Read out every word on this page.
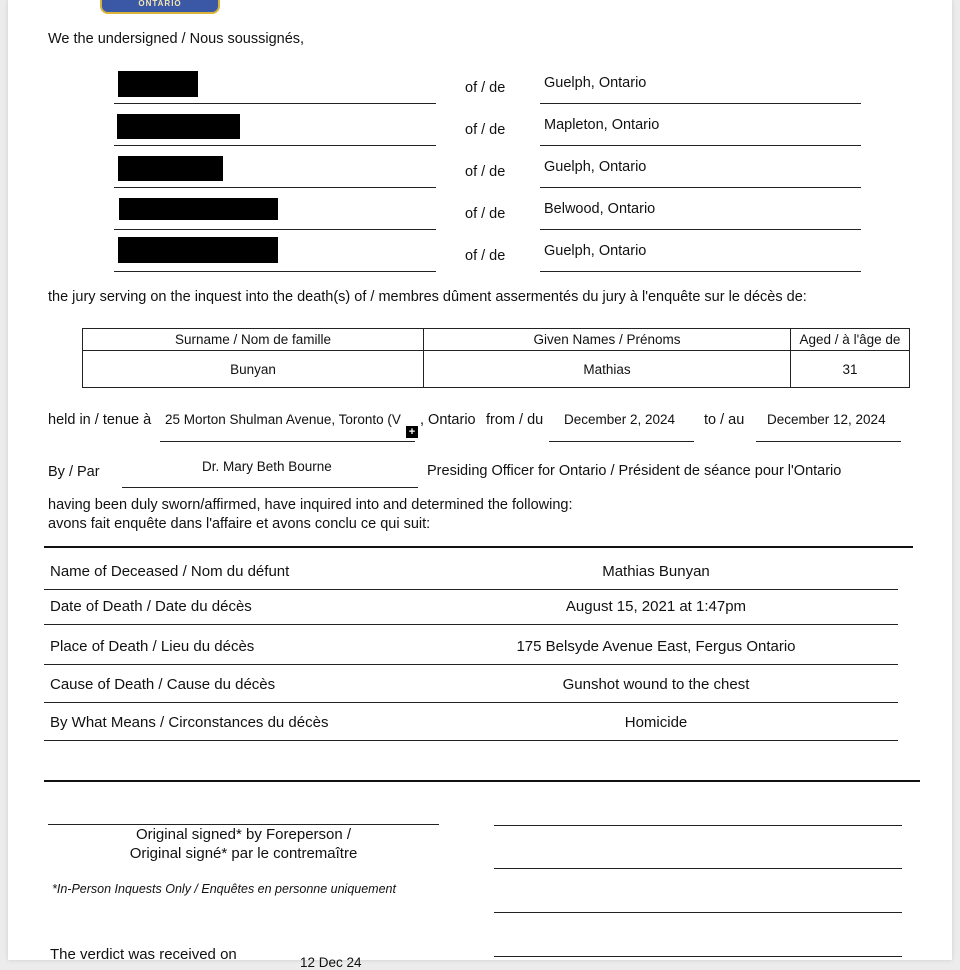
ONTARIO
We the undersigned / Nous soussignés,
of / de	Guelph, Ontario
of / de	Mapleton, Ontario
of / de	Guelph, Ontario
of / de	Belwood, Ontario
of / de	Guelph, Ontario
the jury serving on the inquest into the death(s) of / membres dûment assermentés du jury à l'enquête sur le décès de:
Surname / Nom de famille	Given Names / Prénoms	Aged / à l'âge de
Bunyan	Mathias	31
held in / tenue à 25 Morton Shulman Avenue, Toronto (V
+
, Ontario from / du December 2, 2024 to / au December 12, 2024
By / Par	Dr. Mary Beth Bourne	Presiding Officer for Ontario / Président de séance pour l'Ontario
having been duly sworn/affirmed, have inquired into and determined the following:
avons fait enquête dans l'affaire et avons conclu ce qui suit:
Name of Deceased / Nom du défunt	Mathias Bunyan
Date of Death / Date du décès	August 15, 2021 at 1:47pm
Place of Death / Lieu du décès	175 Belsyde Avenue East, Fergus Ontario
Cause of Death / Cause du décès	Gunshot wound to the chest
By What Means / Circonstances du décès	Homicide
Original signed* by Foreperson /
Original signé* par le contremaître
*In-Person Inquests Only / Enquêtes en personne uniquement
The verdict was received on	12 Dec 24
